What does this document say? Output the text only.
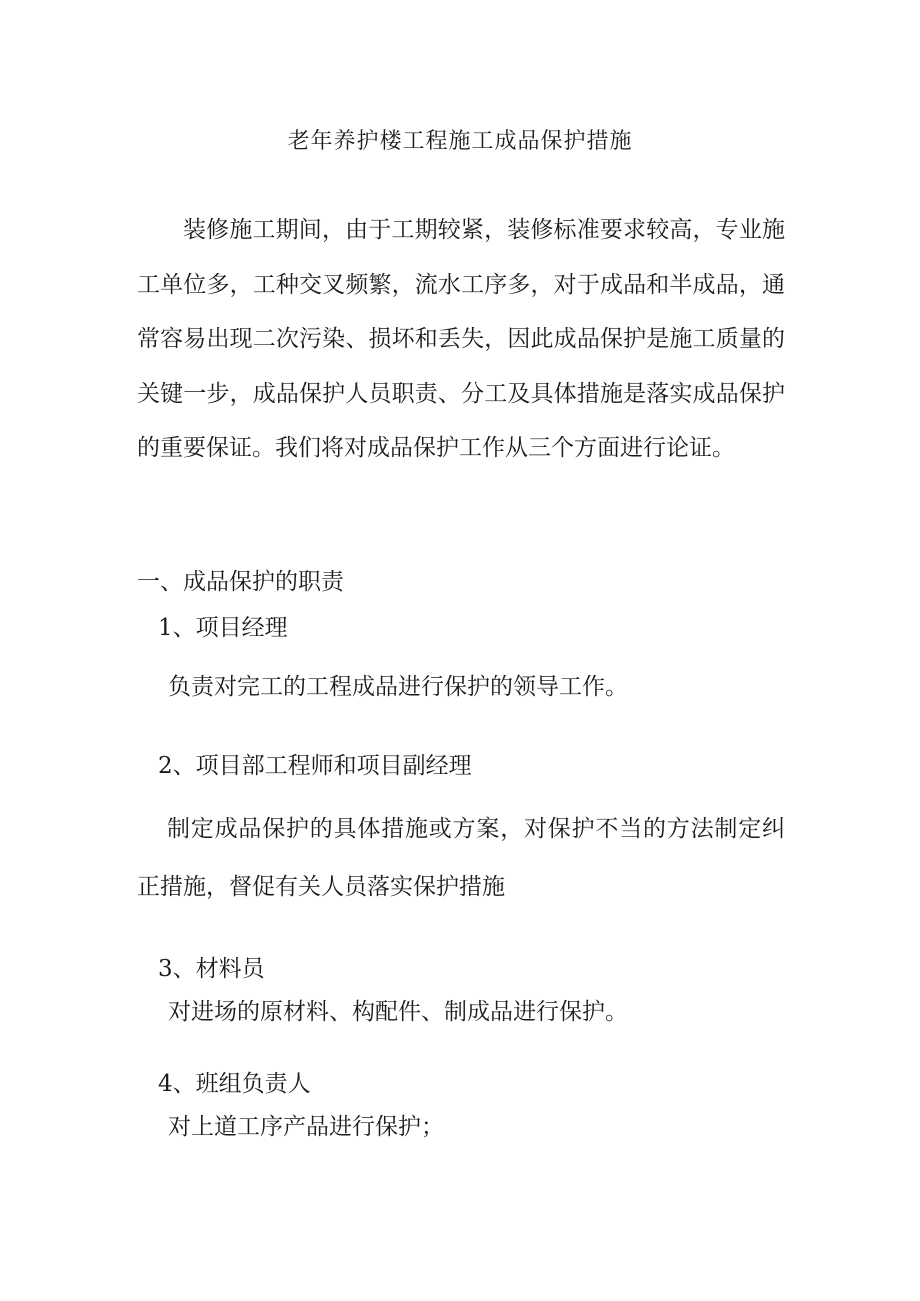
老年养护楼工程施工成品保护措施

装修施工期间，由于工期较紧，装修标准要求较高，专业施工单位多，工种交叉频繁，流水工序多，对于成品和半成品，通常容易出现二次污染、损坏和丢失，因此成品保护是施工质量的关键一步，成品保护人员职责、分工及具体措施是落实成品保护的重要保证。我们将对成品保护工作从三个方面进行论证。

一、成品保护的职责

1、项目经理

负责对完工的工程成品进行保护的领导工作。

2、项目部工程师和项目副经理

制定成品保护的具体措施或方案，对保护不当的方法制定纠正措施，督促有关人员落实保护措施

3、材料员

对进场的原材料、构配件、制成品进行保护。

4、班组负责人

对上道工序产品进行保护；
